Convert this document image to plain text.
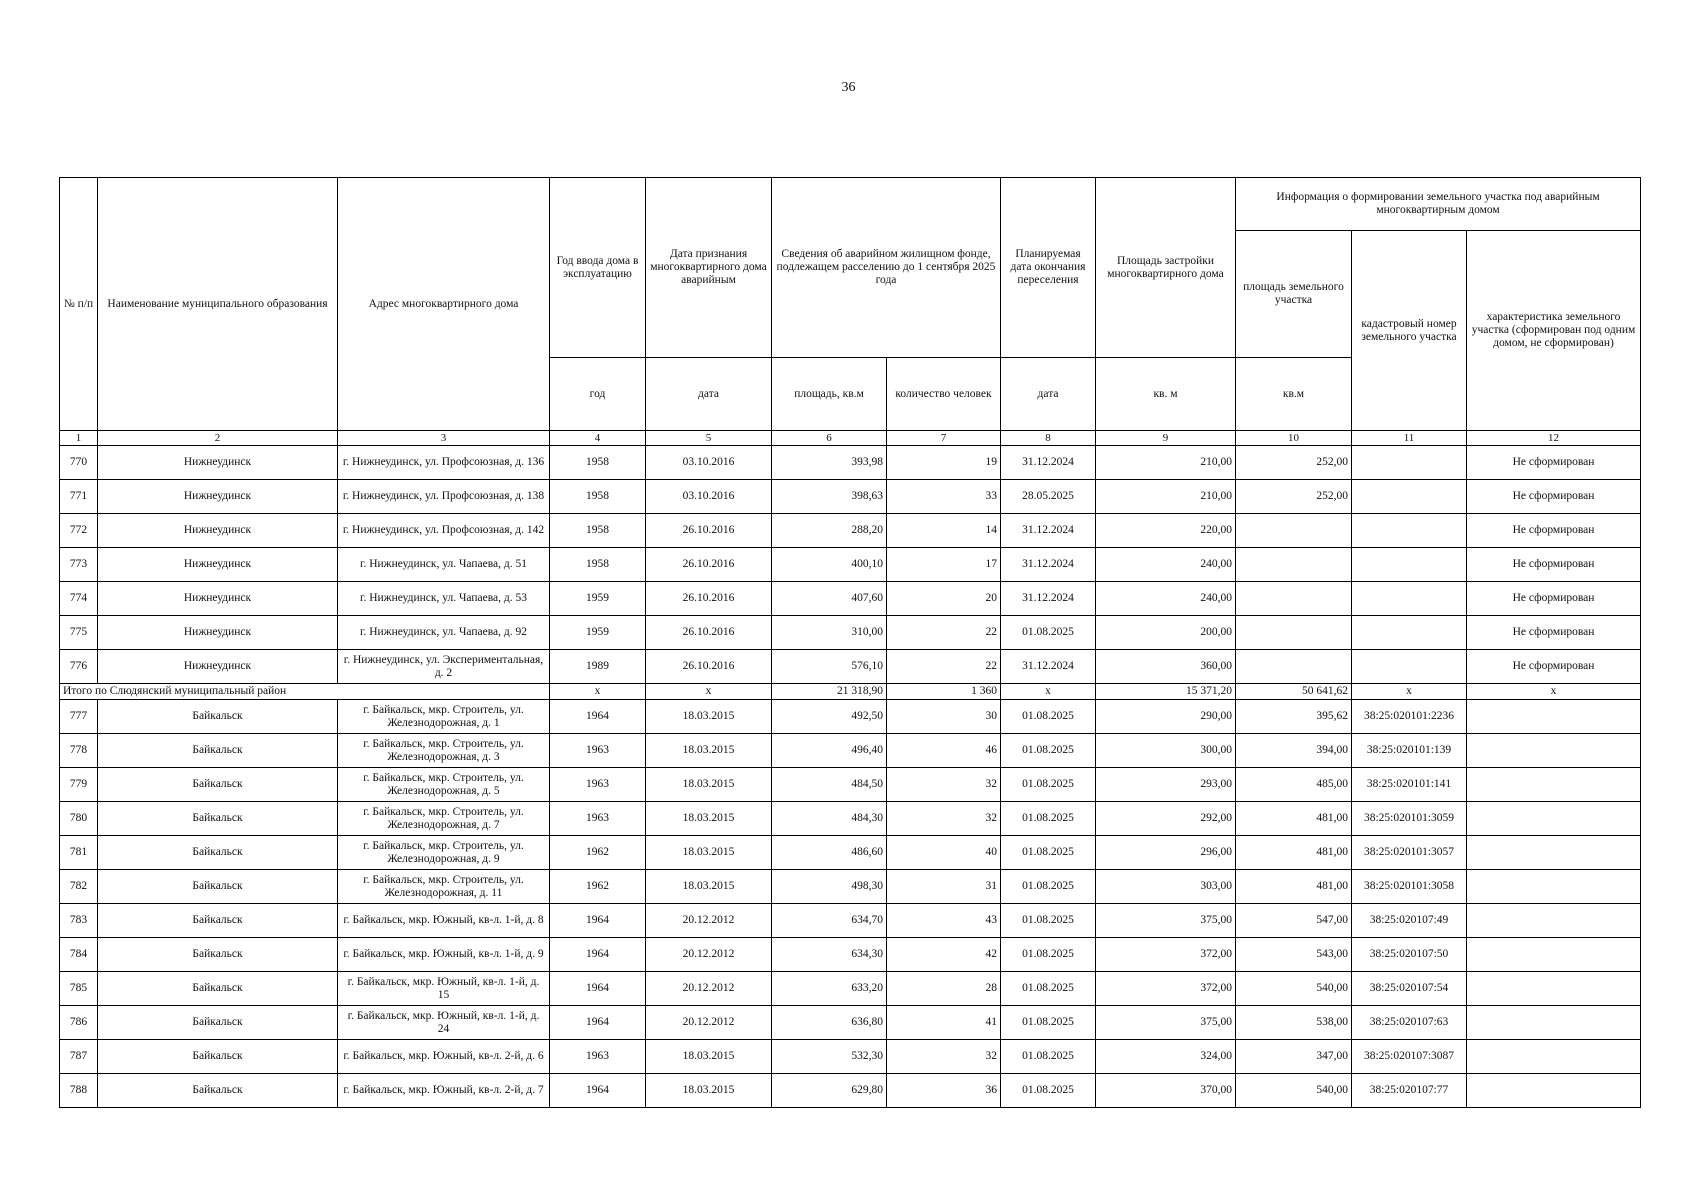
36
№ п/п	Наименование муниципального образования	Адрес многоквартирного дома	Год ввода дома в эксплуатацию	Дата признания многоквартирного дома аварийным	Сведения об аварийном жилищном фонде, подлежащем расселению до 1 сентября 2025 года		Планируемая дата окончания переселения	Площадь застройки многоквартирного дома	Информация о формировании земельного участка под аварийным многоквартирным домом		
									площадь земельного участка	кадастровый номер земельного участка	характеристика земельного участка (сформирован под одним домом, не сформирован)
			год	дата	площадь, кв.м	количество человек	дата	кв. м	кв.м		
1	2	3	4	5	6	7	8	9	10	11	12
770	Нижнеудинск	г. Нижнеудинск, ул. Профсоюзная, д. 136	1958	03.10.2016	393,98	19	31.12.2024	210,00	252,00		Не сформирован
771	Нижнеудинск	г. Нижнеудинск, ул. Профсоюзная, д. 138	1958	03.10.2016	398,63	33	28.05.2025	210,00	252,00		Не сформирован
772	Нижнеудинск	г. Нижнеудинск, ул. Профсоюзная, д. 142	1958	26.10.2016	288,20	14	31.12.2024	220,00			Не сформирован
773	Нижнеудинск	г. Нижнеудинск, ул. Чапаева, д. 51	1958	26.10.2016	400,10	17	31.12.2024	240,00			Не сформирован
774	Нижнеудинск	г. Нижнеудинск, ул. Чапаева, д. 53	1959	26.10.2016	407,60	20	31.12.2024	240,00			Не сформирован
775	Нижнеудинск	г. Нижнеудинск, ул. Чапаева, д. 92	1959	26.10.2016	310,00	22	01.08.2025	200,00			Не сформирован
776	Нижнеудинск	г. Нижнеудинск, ул. Экспериментальная, д. 2	1989	26.10.2016	576,10	22	31.12.2024	360,00			Не сформирован
Итого по Слюдянский муниципальный район			х	х	21 318,90	1 360	х	15 371,20	50 641,62	х	х
777	Байкальск	г. Байкальск, мкр. Строитель, ул. Железнодорожная, д. 1	1964	18.03.2015	492,50	30	01.08.2025	290,00	395,62	38:25:020101:2236	
778	Байкальск	г. Байкальск, мкр. Строитель, ул. Железнодорожная, д. 3	1963	18.03.2015	496,40	46	01.08.2025	300,00	394,00	38:25:020101:139	
779	Байкальск	г. Байкальск, мкр. Строитель, ул. Железнодорожная, д. 5	1963	18.03.2015	484,50	32	01.08.2025	293,00	485,00	38:25:020101:141	
780	Байкальск	г. Байкальск, мкр. Строитель, ул. Железнодорожная, д. 7	1963	18.03.2015	484,30	32	01.08.2025	292,00	481,00	38:25:020101:3059	
781	Байкальск	г. Байкальск, мкр. Строитель, ул. Железнодорожная, д. 9	1962	18.03.2015	486,60	40	01.08.2025	296,00	481,00	38:25:020101:3057	
782	Байкальск	г. Байкальск, мкр. Строитель, ул. Железнодорожная, д. 11	1962	18.03.2015	498,30	31	01.08.2025	303,00	481,00	38:25:020101:3058	
783	Байкальск	г. Байкальск, мкр. Южный, кв-л. 1-й, д. 8	1964	20.12.2012	634,70	43	01.08.2025	375,00	547,00	38:25:020107:49	
784	Байкальск	г. Байкальск, мкр. Южный, кв-л. 1-й, д. 9	1964	20.12.2012	634,30	42	01.08.2025	372,00	543,00	38:25:020107:50	
785	Байкальск	г. Байкальск, мкр. Южный, кв-л. 1-й, д. 15	1964	20.12.2012	633,20	28	01.08.2025	372,00	540,00	38:25:020107:54	
786	Байкальск	г. Байкальск, мкр. Южный, кв-л. 1-й, д. 24	1964	20.12.2012	636,80	41	01.08.2025	375,00	538,00	38:25:020107:63	
787	Байкальск	г. Байкальск, мкр. Южный, кв-л. 2-й, д. 6	1963	18.03.2015	532,30	32	01.08.2025	324,00	347,00	38:25:020107:3087	
788	Байкальск	г. Байкальск, мкр. Южный, кв-л. 2-й, д. 7	1964	18.03.2015	629,80	36	01.08.2025	370,00	540,00	38:25:020107:77	
